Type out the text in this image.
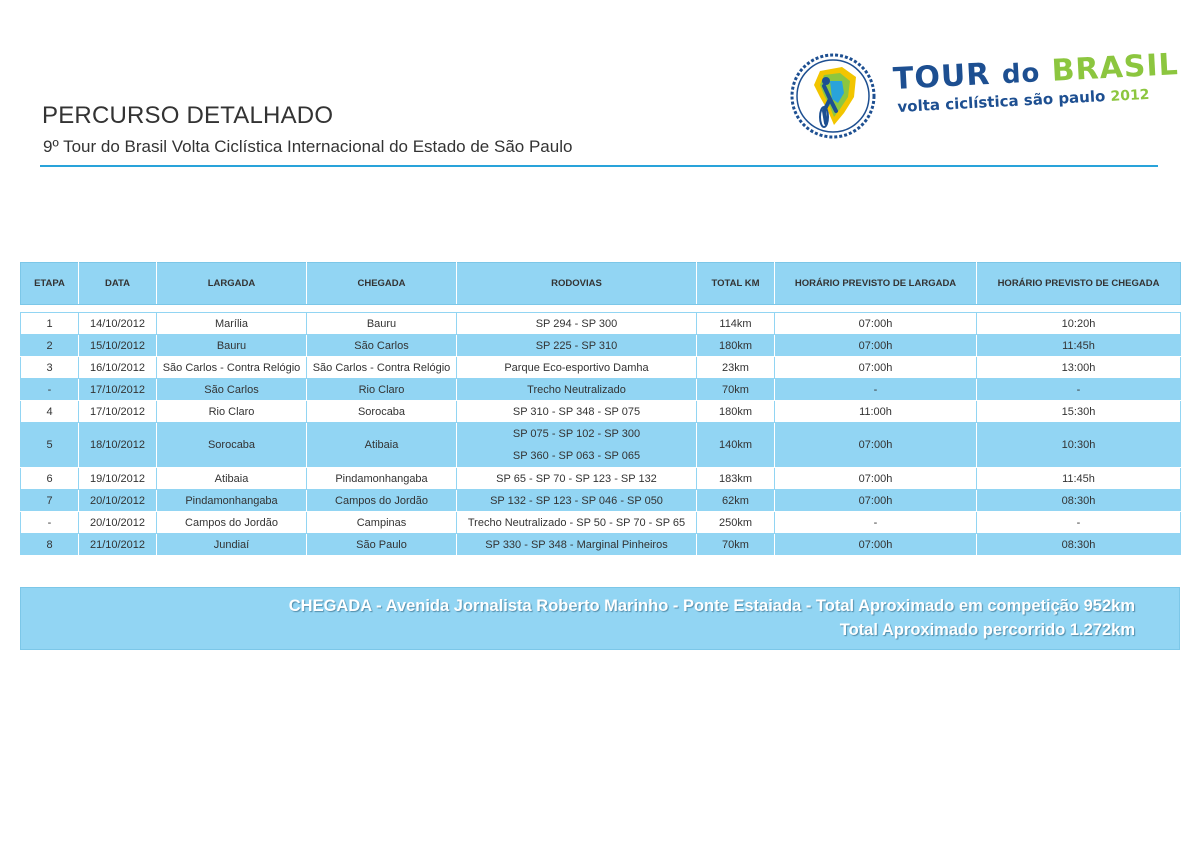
PERCURSO DETALHADO
9º Tour do Brasil Volta Ciclística Internacional do Estado de São Paulo
TOUR do BRASIL
volta ciclística são paulo 2012
ETAPA	DATA	LARGADA	CHEGADA	RODOVIAS	TOTAL KM	HORÁRIO PREVISTO DE LARGADA	HORÁRIO PREVISTO DE CHEGADA

1	14/10/2012	Marília	Bauru	SP 294 - SP 300	114km	07:00h	10:20h
2	15/10/2012	Bauru	São Carlos	SP 225 - SP 310	180km	07:00h	11:45h
3	16/10/2012	São Carlos - Contra Relógio	São Carlos - Contra Relógio	Parque Eco-esportivo Damha	23km	07:00h	13:00h
-	17/10/2012	São Carlos	Rio Claro	Trecho Neutralizado	70km	-	-
4	17/10/2012	Rio Claro	Sorocaba	SP 310 - SP 348 - SP 075	180km	11:00h	15:30h
5	18/10/2012	Sorocaba	Atibaia	SP 075 - SP 102 - SP 300
SP 360 - SP 063 - SP 065	140km	07:00h	10:30h
6	19/10/2012	Atibaia	Pindamonhangaba	SP 65 - SP 70 - SP 123 - SP 132	183km	07:00h	11:45h
7	20/10/2012	Pindamonhangaba	Campos do Jordão	SP 132 - SP 123 - SP 046 - SP 050	62km	07:00h	08:30h
-	20/10/2012	Campos do Jordão	Campinas	Trecho Neutralizado - SP 50 - SP 70 - SP 65	250km	-	-
8	21/10/2012	Jundiaí	São Paulo	SP 330 - SP 348 - Marginal Pinheiros	70km	07:00h	08:30h
CHEGADA - Avenida Jornalista Roberto Marinho - Ponte Estaiada - Total Aproximado em competição 952km
Total Aproximado percorrido 1.272km
